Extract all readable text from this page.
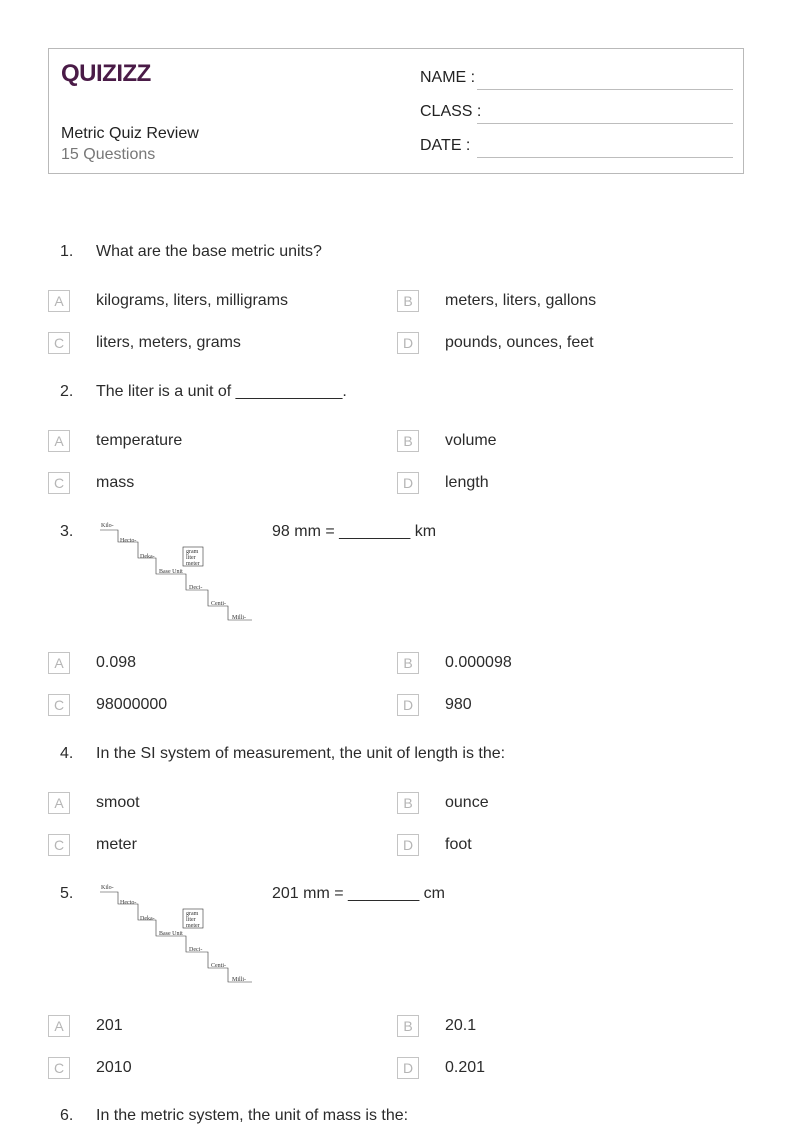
QUIZIZZ
Metric Quiz Review
15 Questions
NAME :
CLASS :
DATE :
1. What are the base metric units?
A	kilograms, liters, milligrams	B	meters, liters, gallons
C	liters, meters, grams	D	pounds, ounces, feet
2. The liter is a unit of ____________.
A	temperature	B	volume
C	mass	D	length
3.	Kilo-
Hecto-
Deka-
Base Unit
Deci-
Centi-
Milli-
gram
liter
meter
98 mm = ________ km
A	0.098	B	0.000098
C	98000000	D	980
4. In the SI system of measurement, the unit of length is the:
A	smoot	B	ounce
C	meter	D	foot
5.	Kilo-
Hecto-
Deka-
Base Unit
Deci-
Centi-
Milli-
gram
liter
meter
201 mm = ________ cm
A	201	B	20.1
C	2010	D	0.201
6. In the metric system, the unit of mass is the:
